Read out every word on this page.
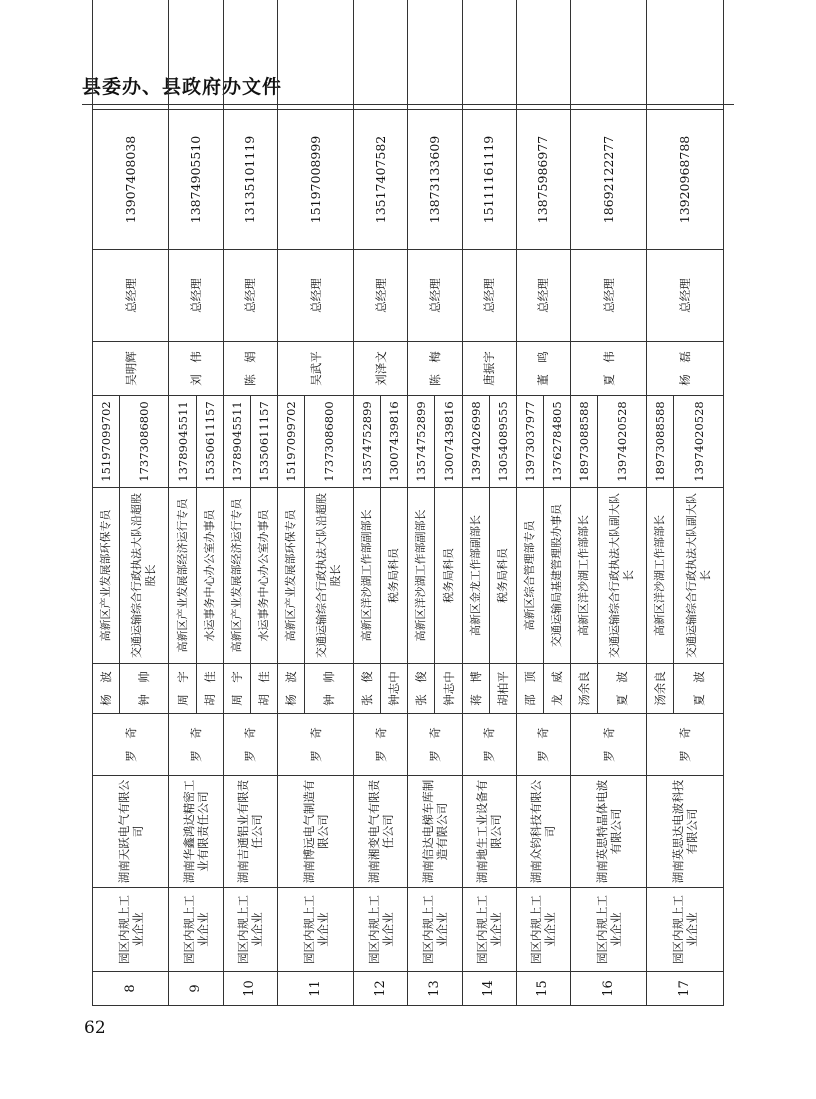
县委办、县政府办文件
8	园区内规上工业企业	湖南天跃电气有限公司	罗　奇	杨　波	高新区产业发展部环保专员	15197099702	吴明辉	总经理	13907408038	
				钟　帅	交通运输综合行政执法大队沿超股股长	17373086800				
9	园区内规上工业企业	湖南华鑫鸿达精密工业有限责任公司	罗　奇	周　宇	高新区产业发展部经济运行专员	13789045511	刘　伟	总经理	13874905510	
				胡　佳	水运事务中心办公室办事员	15350611157				
10	园区内规上工业企业	湖南吉通铝业有限责任公司	罗　奇	周　宇	高新区产业发展部经济运行专员	13789045511	陈　娟	总经理	13135101119	
				胡　佳	水运事务中心办公室办事员	15350611157				
11	园区内规上工业企业	湖南博远电气制造有限公司	罗　奇	杨　波	高新区产业发展部环保专员	15197099702	吴武平	总经理	15197008999	
				钟　帅	交通运输综合行政执法大队沿超股股长	17373086800				
12	园区内规上工业企业	湖南湘变电气有限责任公司	罗　奇	张　俊	高新区洋沙湖工作部副部长	13574752899	刘泽文	总经理	13517407582	
				钟志中	税务局科员	13007439816				
13	园区内规上工业企业	湖南信达电梯车库制造有限公司	罗　奇	张　俊	高新区洋沙湖工作部副部长	13574752899	陈　梅	总经理	13873133609	
				钟志中	税务局科员	13007439816				
14	园区内规上工业企业	湖南地生工业设备有限公司	罗　奇	蒋　博	高新区金龙工作部副部长	13974026998	唐振宇	总经理	15111161119	
				胡柏平	税务局科员	13054089555				
15	园区内规上工业企业	湖南众钧科技有限公司	罗　奇	邵　顶	高新区综合管理部专员	13973037977	董　鸣	总经理	13875986977	
				龙　威	交通运输局基建管理股办事员	13762784805				
16	园区内规上工业企业	湖南英思特晶体电波有限公司	罗　奇	汤余良	高新区洋沙湖工作部部长	18973088588	夏　伟	总经理	18692122277	
				夏　波	交通运输综合行政执法大队副大队长	13974020528				
17	园区内规上工业企业	湖南英思达电波科技有限公司	罗　奇	汤余良	高新区洋沙湖工作部部长	18973088588	杨　磊	总经理	13920968788	
				夏　波	交通运输综合行政执法大队副大队长	13974020528				
62
